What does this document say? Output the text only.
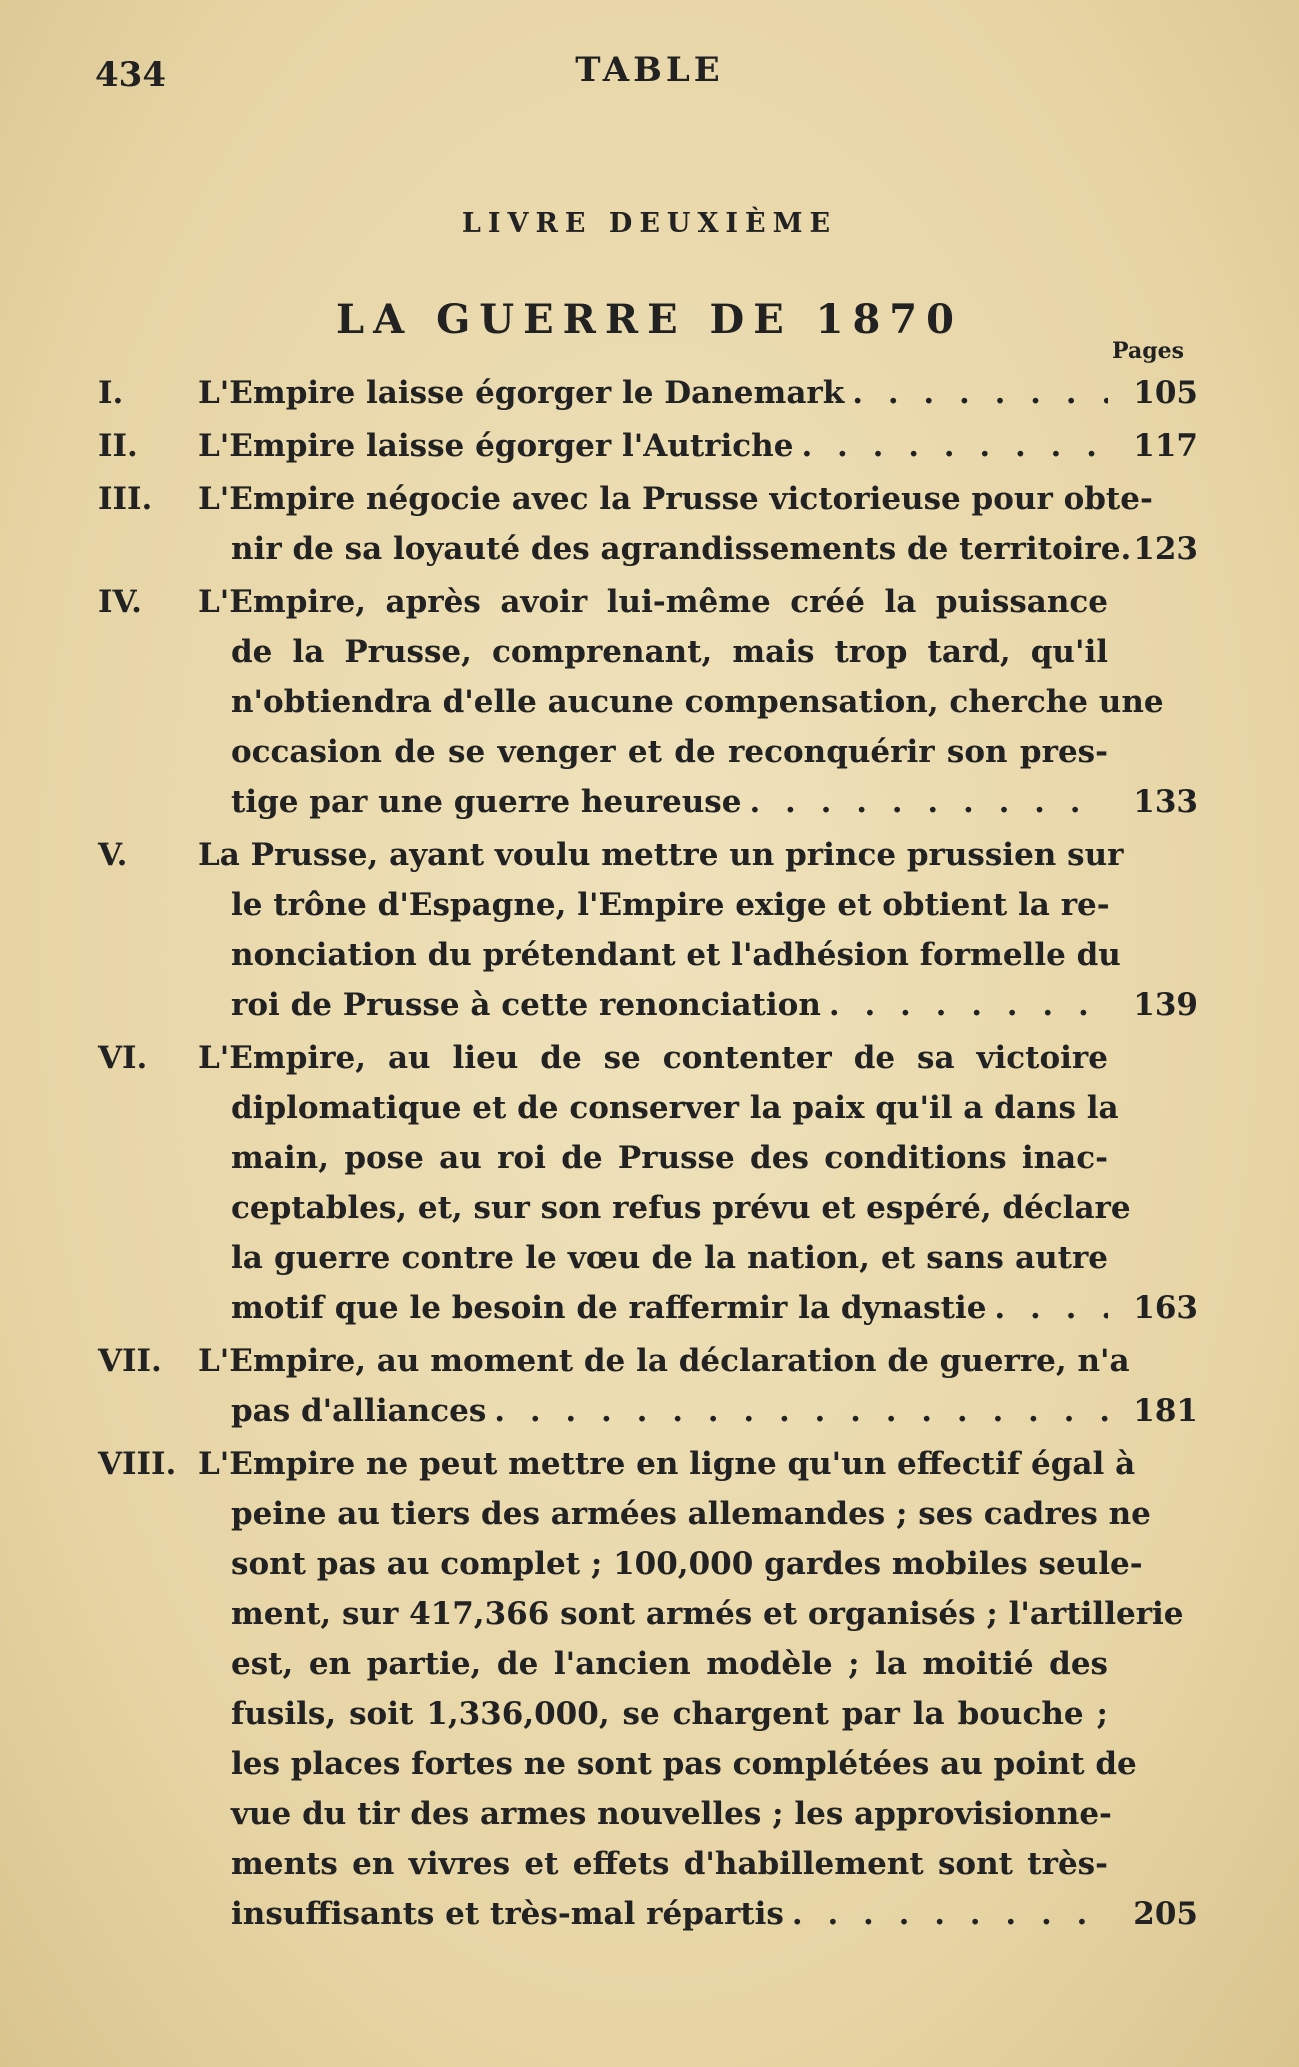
434	TABLE
LIVRE DEUXIÈME
LA GUERRE DE 1870
Pages
I. L'Empire laisse égorger le Danemark . . .	105
II. L'Empire laisse égorger l'Autriche . . .	117
III. L'Empire négocie avec la Prusse victorieuse pour obte-
nir de sa loyauté des agrandissements de territoire. . . . 123
IV. L'Empire, après avoir lui-même créé la puissance
de la Prusse, comprenant, mais trop tard, qu'il
n'obtiendra d'elle aucune compensation, cherche une
occasion de se venger et de reconquérir son pres-
tige par une guerre heureuse . . .	133
V. La Prusse, ayant voulu mettre un prince prussien sur
le trône d'Espagne, l'Empire exige et obtient la re-
nonciation du prétendant et l'adhésion formelle du
roi de Prusse à cette renonciation . . .	139
VI. L'Empire, au lieu de se contenter de sa victoire
diplomatique et de conserver la paix qu'il a dans la
main, pose au roi de Prusse des conditions inac-
ceptables, et, sur son refus prévu et espéré, déclare
la guerre contre le vœu de la nation, et sans autre
motif que le besoin de raffermir la dynastie . . .	163
VII. L'Empire, au moment de la déclaration de guerre, n'a
pas d'alliances . . .	181
VIII. L'Empire ne peut mettre en ligne qu'un effectif égal à
peine au tiers des armées allemandes ; ses cadres ne
sont pas au complet ; 100,000 gardes mobiles seule-
ment, sur 417,366 sont armés et organisés ; l'artillerie
est, en partie, de l'ancien modèle ; la moitié des
fusils, soit 1,336,000, se chargent par la bouche ;
les places fortes ne sont pas complétées au point de
vue du tir des armes nouvelles ; les approvisionne-
ments en vivres et effets d'habillement sont très-
insuffisants et très-mal répartis . . .	205
